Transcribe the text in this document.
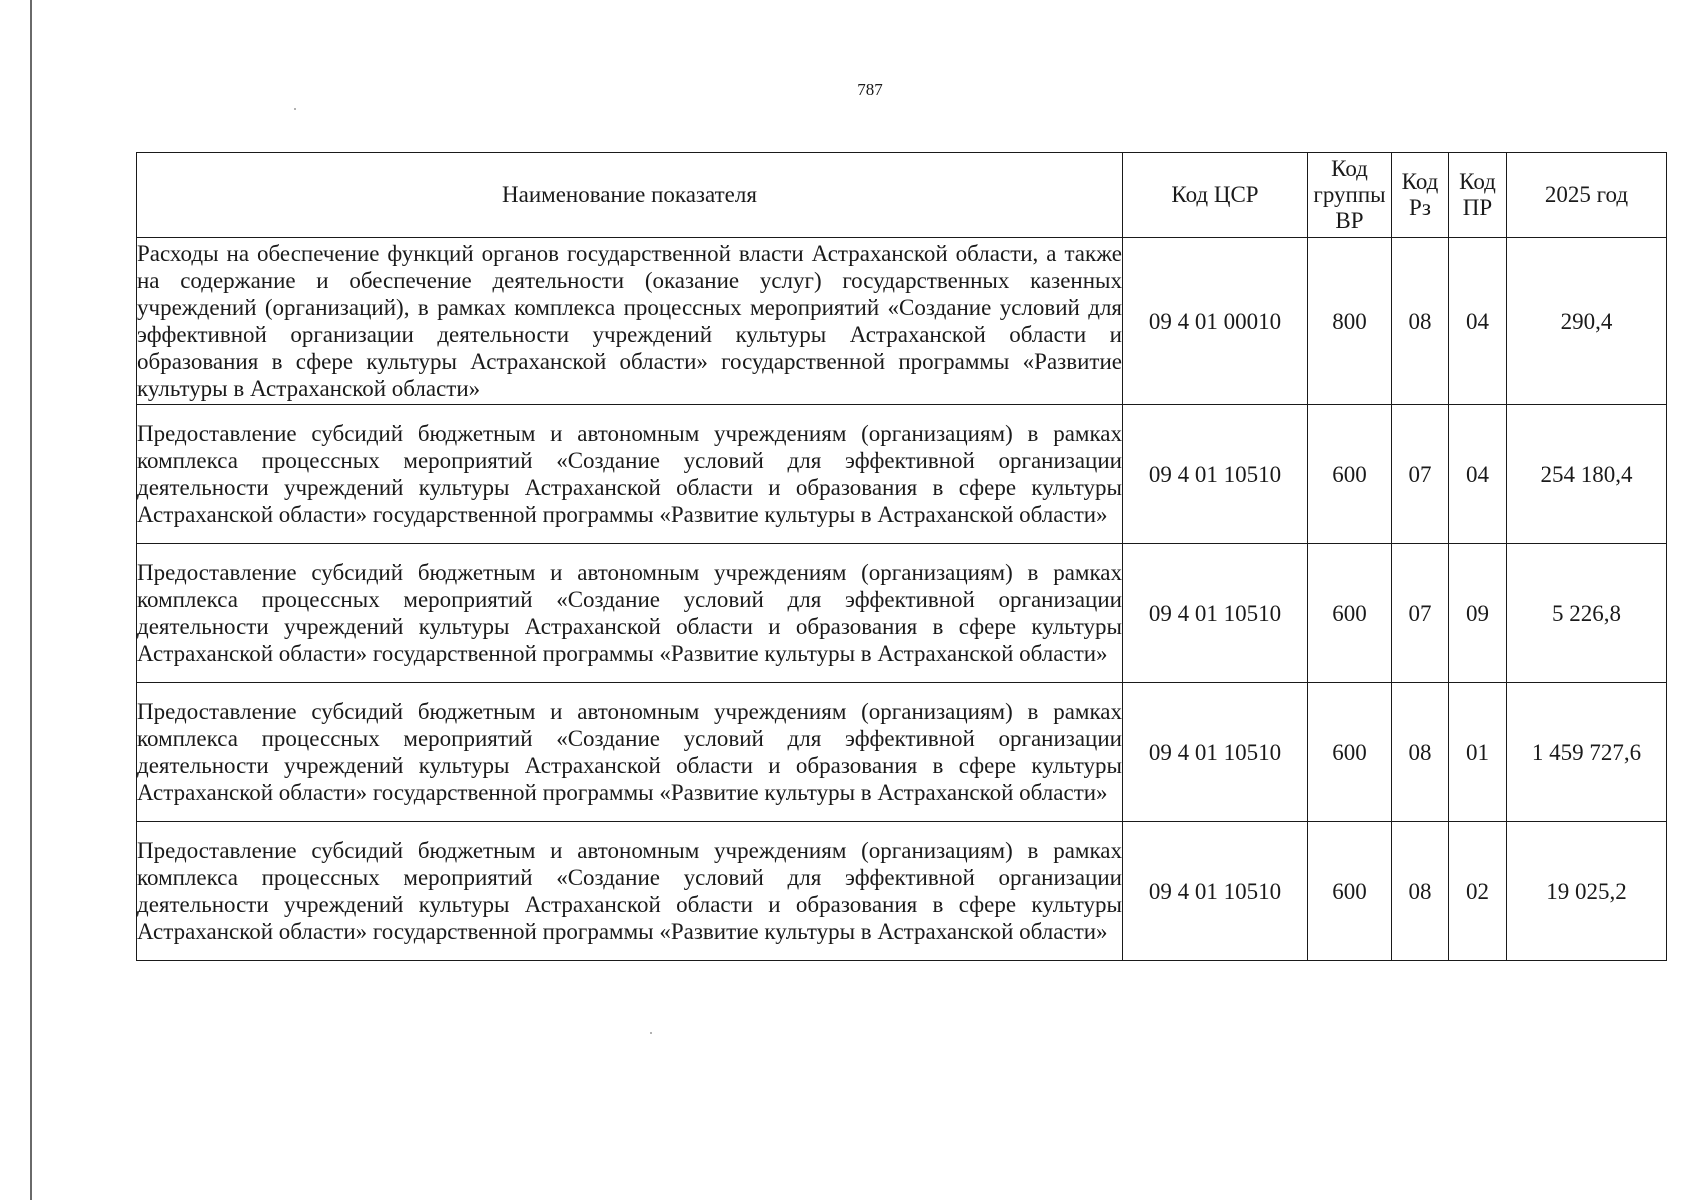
787
Наименование показателя	Код ЦСР	Код группы ВР	Код Рз	Код ПР	2025 год
Расходы на обеспечение функций органов государственной власти Астраханской области, а также на содержание и обеспечение деятельности (оказание услуг) государственных казенных учреждений (организаций), в рамках комплекса процессных мероприятий «Создание условий для эффективной организации деятельности учреждений культуры Астраханской области и образования в сфере культуры Астраханской области» государственной программы «Развитие культуры в Астраханской области»	09 4 01 00010	800	08	04	290,4
Предоставление субсидий бюджетным и автономным учреждениям (организациям) в рамках комплекса процессных мероприятий «Создание условий для эффективной организации деятельности учреждений культуры Астраханской области и образования в сфере культуры Астраханской области» государственной программы «Развитие культуры в Астраханской области»	09 4 01 10510	600	07	04	254 180,4
Предоставление субсидий бюджетным и автономным учреждениям (организациям) в рамках комплекса процессных мероприятий «Создание условий для эффективной организации деятельности учреждений культуры Астраханской области и образования в сфере культуры Астраханской области» государственной программы «Развитие культуры в Астраханской области»	09 4 01 10510	600	07	09	5 226,8
Предоставление субсидий бюджетным и автономным учреждениям (организациям) в рамках комплекса процессных мероприятий «Создание условий для эффективной организации деятельности учреждений культуры Астраханской области и образования в сфере культуры Астраханской области» государственной программы «Развитие культуры в Астраханской области»	09 4 01 10510	600	08	01	1 459 727,6
Предоставление субсидий бюджетным и автономным учреждениям (организациям) в рамках комплекса процессных мероприятий «Создание условий для эффективной организации деятельности учреждений культуры Астраханской области и образования в сфере культуры Астраханской области» государственной программы «Развитие культуры в Астраханской области»	09 4 01 10510	600	08	02	19 025,2
